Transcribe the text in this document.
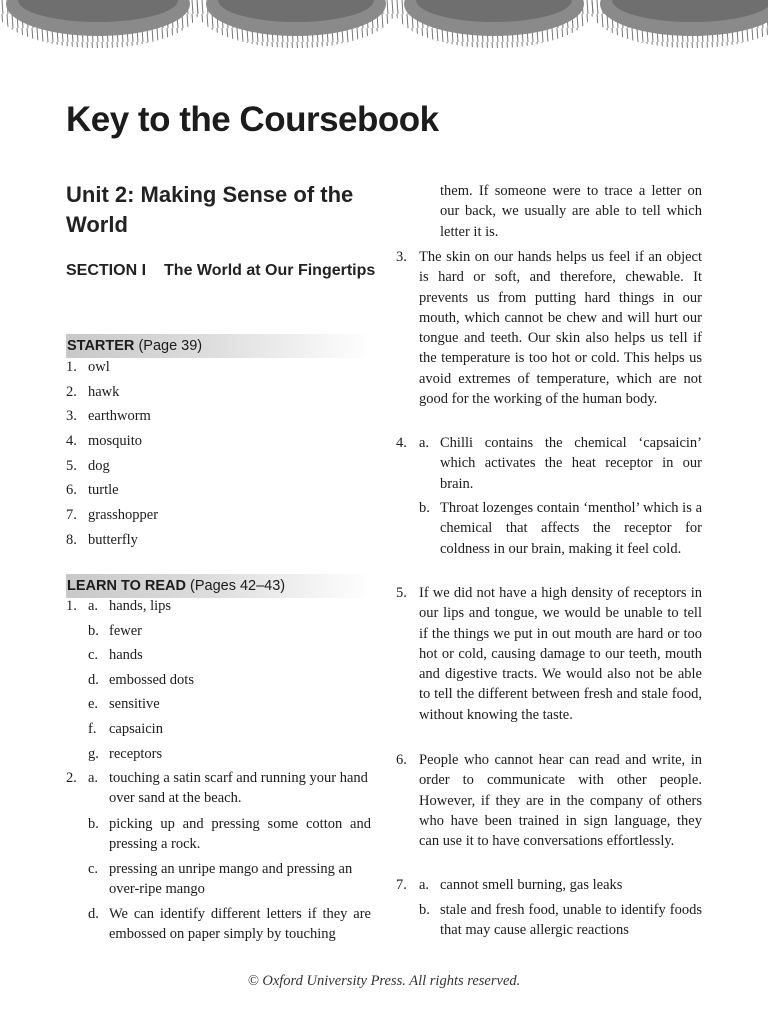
Key to the Coursebook
Unit 2: Making Sense of the World
SECTION I The World at Our Fingertips
STARTER (Page 39)
1. owl
2. hawk
3. earthworm
4. mosquito
5. dog
6. turtle
7. grasshopper
8. butterfly
LEARN TO READ (Pages 42–43)
1. a. hands, lips
b. fewer
c. hands
d. embossed dots
e. sensitive
f. capsaicin
g. receptors
2. a. touching a satin scarf and running your hand over sand at the beach.
b. picking up and pressing some cotton and pressing a rock.
c. pressing an unripe mango and pressing an over-ripe mango
d. We can identify different letters if they are embossed on paper simply by touching
them. If someone were to trace a letter on our back, we usually are able to tell which letter it is.
3. The skin on our hands helps us feel if an object is hard or soft, and therefore, chewable. It prevents us from putting hard things in our mouth, which cannot be chew and will hurt our tongue and teeth. Our skin also helps us tell if the temperature is too hot or cold. This helps us avoid extremes of temperature, which are not good for the working of the human body.
4. a. Chilli contains the chemical ‘capsaicin’ which activates the heat receptor in our brain.
b. Throat lozenges contain ‘menthol’ which is a chemical that affects the receptor for coldness in our brain, making it feel cold.
5. If we did not have a high density of receptors in our lips and tongue, we would be unable to tell if the things we put in out mouth are hard or too hot or cold, causing damage to our teeth, mouth and digestive tracts. We would also not be able to tell the different between fresh and stale food, without knowing the taste.
6. People who cannot hear can read and write, in order to communicate with other people. However, if they are in the company of others who have been trained in sign language, they can use it to have conversations effortlessly.
7. a. cannot smell burning, gas leaks
b. stale and fresh food, unable to identify foods that may cause allergic reactions
© Oxford University Press. All rights reserved.
